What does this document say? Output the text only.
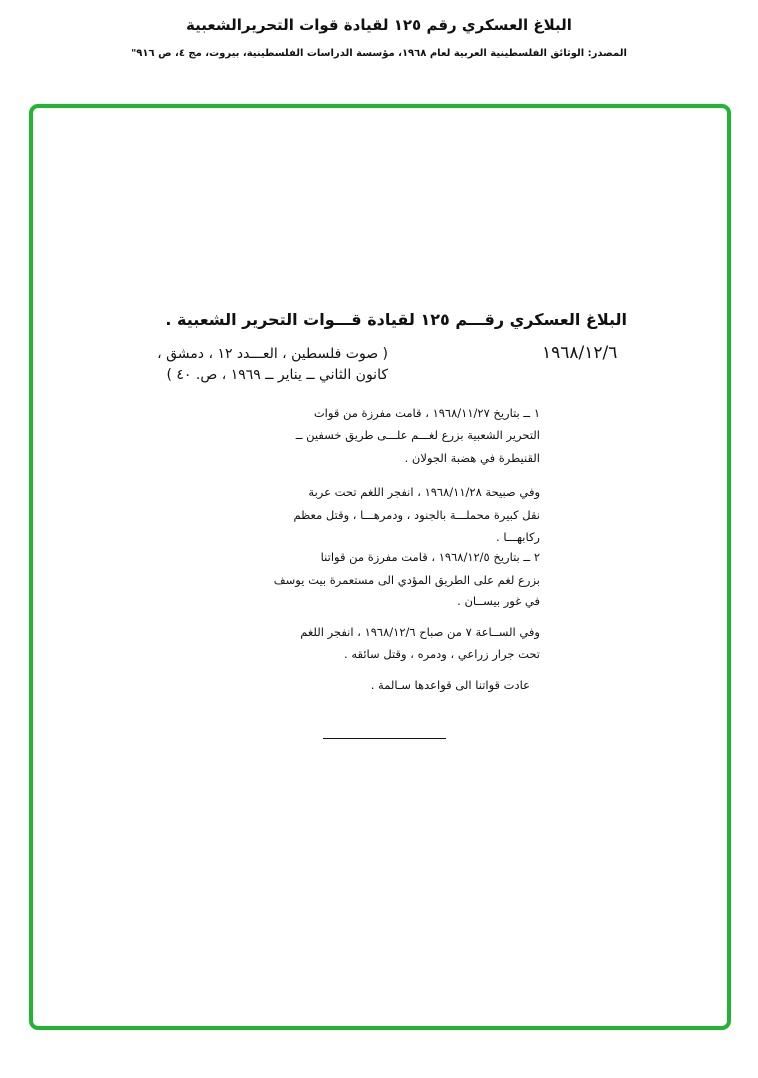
البلاغ العسكري رقم ١٢٥ لقيادة قوات التحريرالشعبية
المصدر: الوثائق الفلسطينية العربية لعام ١٩٦٨، مؤسسة الدراسات الفلسطينية، بيروت، مج ٤، ص ٩١٦"
البلاغ العسكري رقـــم ١٢٥ لقيادة قـــوات التحرير الشعبية .
١٩٦٨/١٢/٦
( صوت فلسطين ، العـــدد ١٢ ، دمشق ،
كانون الثاني ــ يناير ــ ١٩٦٩ ، ص. ٤٠ )
١ ــ بتاريخ ١٩٦٨/١١/٢٧ ، قامت مفرزة من قوات
التحرير الشعبية بزرع لغـــم علـــى طريق خسفين ــ
القنيطرة في هضبة الجولان .
وفي صبيحة ١٩٦٨/١١/٢٨ ، انفجر اللغم تحت عربة
نقل كبيرة محملـــة بالجنود ، ودمرهـــا ، وقتل معظم
ركابهـــا .
٢ ــ بتاريخ ١٩٦٨/١٢/٥ ، قامت مفرزة من قواتنا
بزرع لغم على الطريق المؤدي الى مستعمرة بيت يوسف
في غور بيســان .
وفي الســاعة ٧ من صباح ١٩٦٨/١٢/٦ ، انفجر اللغم
تحت جرار زراعي ، ودمره ، وقتل سائقه .
عادت قواتنا الى قواعدها سـالمة .
